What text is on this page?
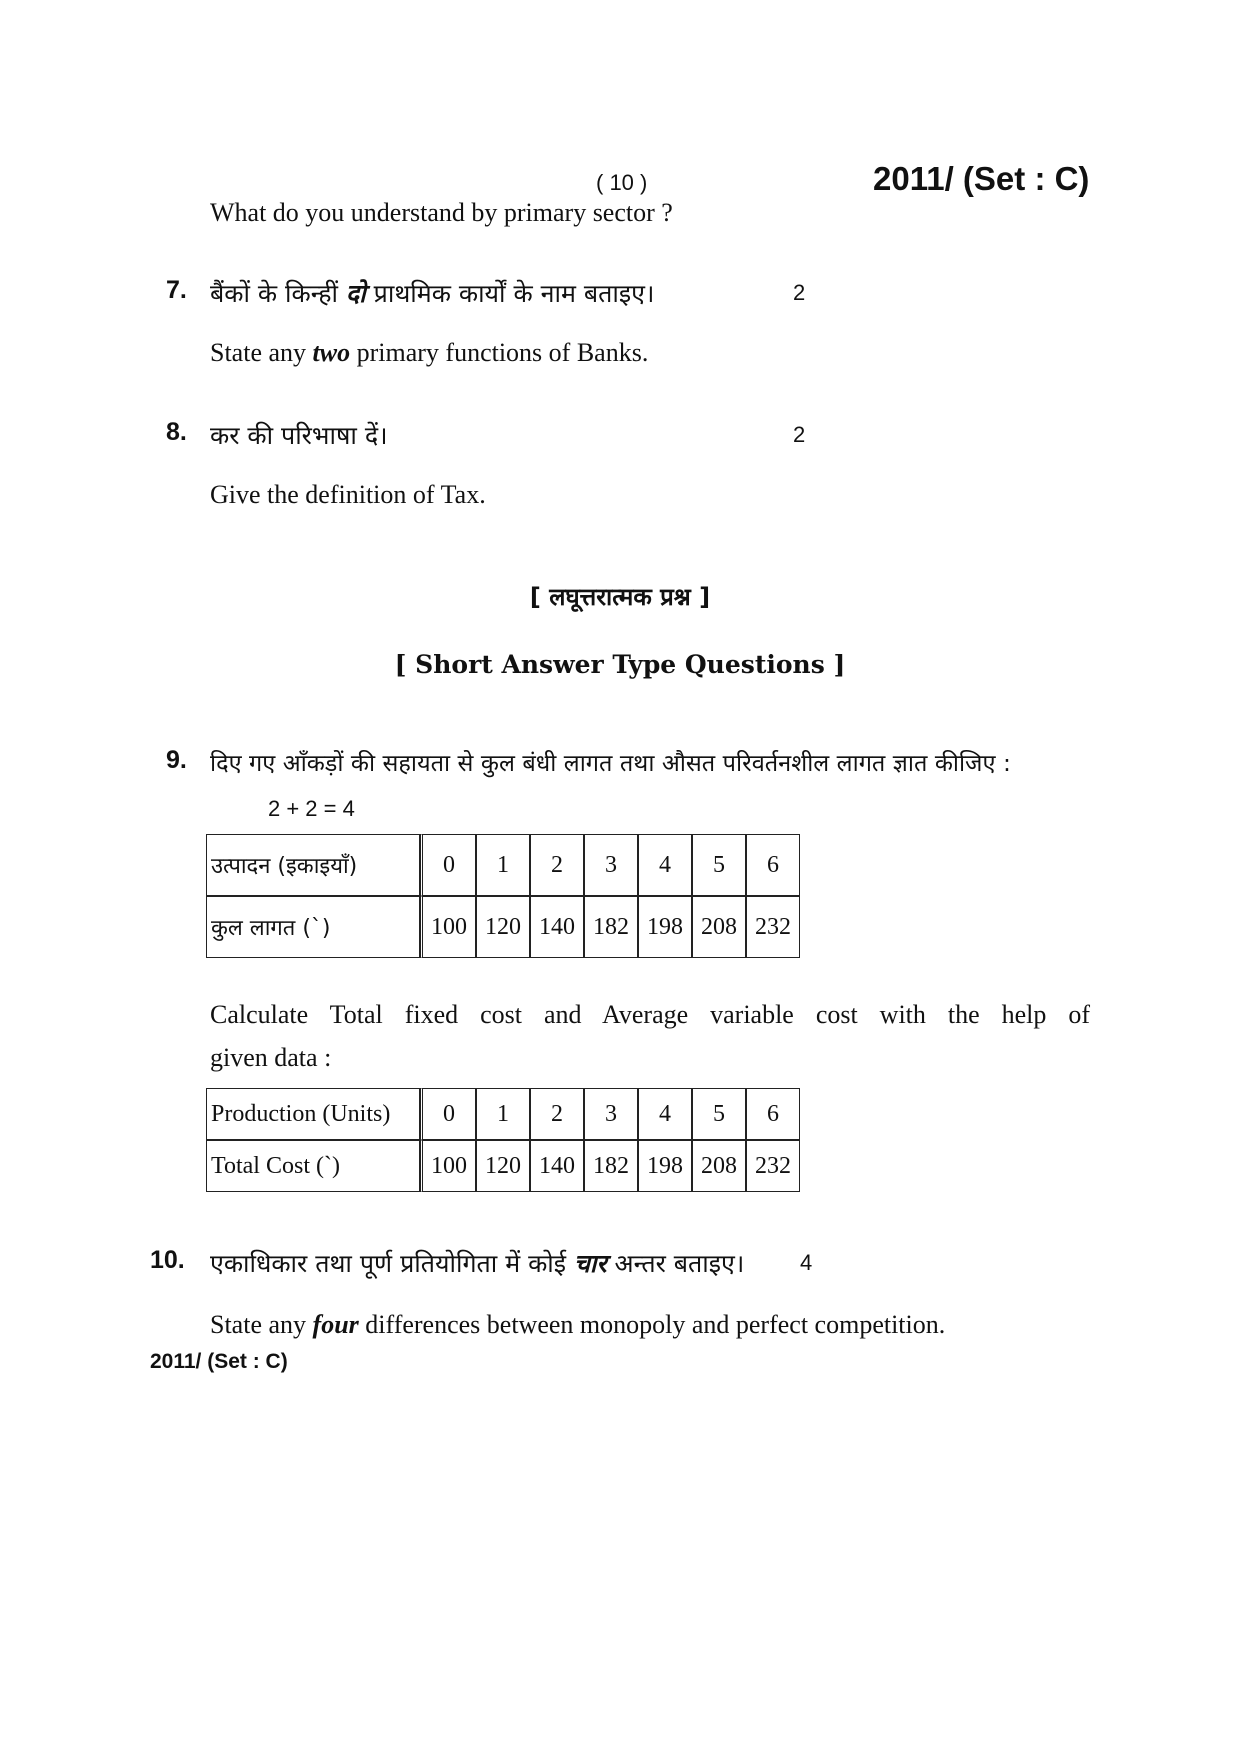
( 10 )	2011/ (Set : C)
What do you understand by primary sector ?
7. बैंकों के किन्हीं दो प्राथमिक कार्यों के नाम बताइए।	2
State any two primary functions of Banks.
8. कर की परिभाषा दें।	2
Give the definition of Tax.
[ लघूत्तरात्मक प्रश्न ]
[ Short Answer Type Questions ]
9. दिए गए आँकड़ों की सहायता से कुल बंधी लागत तथा औसत परिवर्तनशील लागत ज्ञात कीजिए :
2 + 2 = 4
उत्पादन (इकाइयाँ)	0	1	2	3	4	5	6
कुल लागत (`)	100	120	140	182	198	208	232
Calculate Total fixed cost and Average variable cost with the help of
given data :
Production (Units)	0	1	2	3	4	5	6
Total Cost (`)	100	120	140	182	198	208	232
10. एकाधिकार तथा पूर्ण प्रतियोगिता में कोई चार अन्तर बताइए।	4
State any four differences between monopoly and perfect competition.
2011/ (Set : C)
